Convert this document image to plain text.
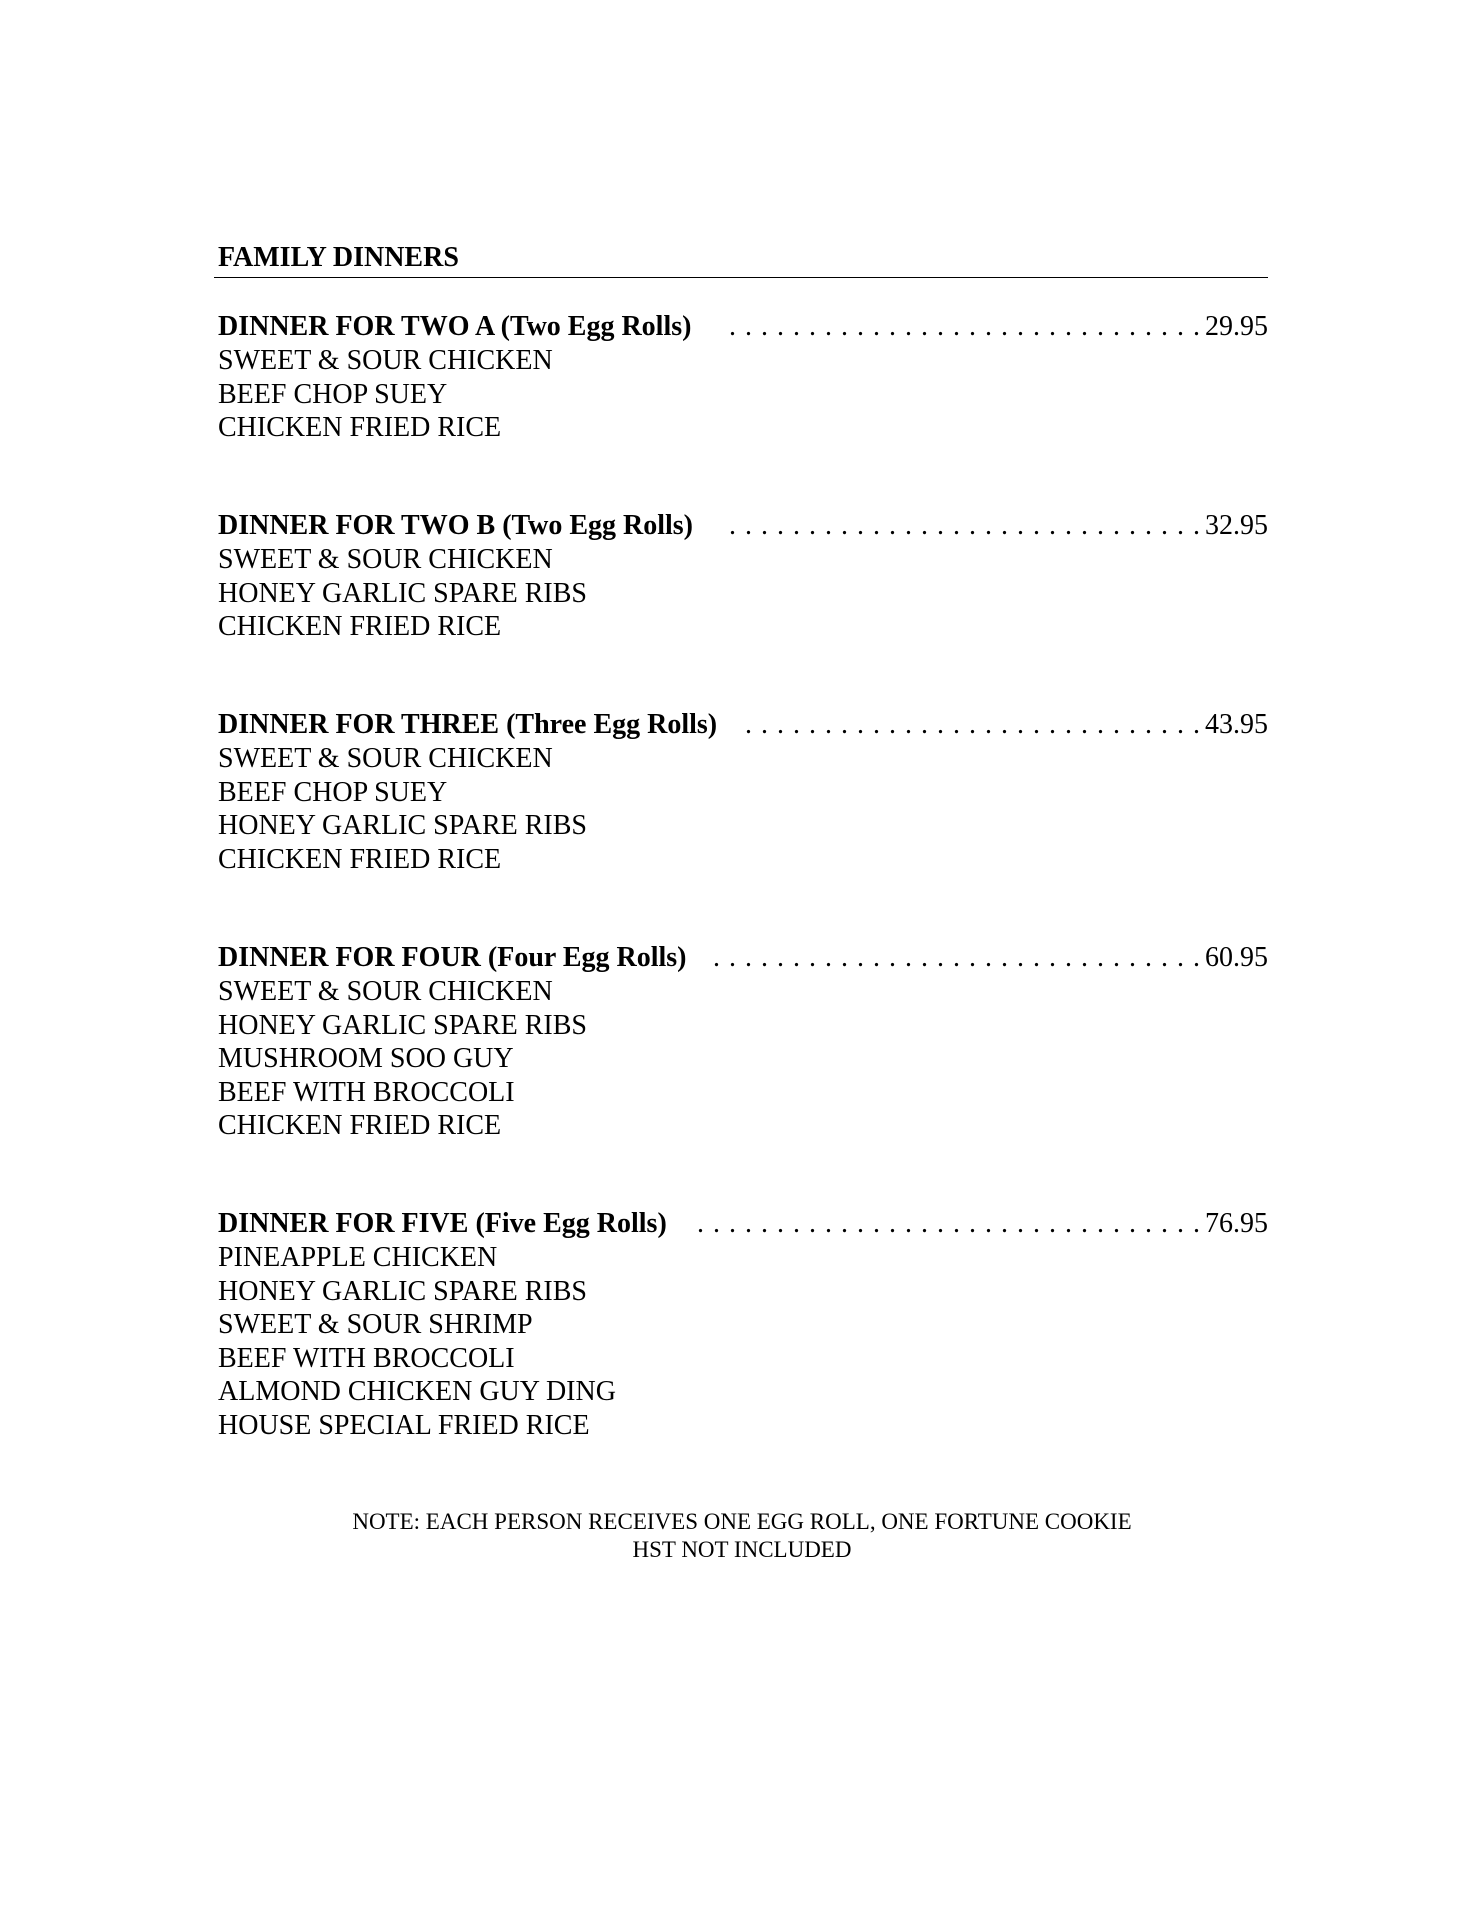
FAMILY DINNERS
. . . . . . . . . . . . . . . . . . . . . . . . . . . . . . 29.95
DINNER FOR TWO A (Two Egg Rolls)
SWEET & SOUR CHICKEN
BEEF CHOP SUEY
CHICKEN FRIED RICE
. . . . . . . . . . . . . . . . . . . . . . . . . . . . . . 32.95
DINNER FOR TWO B (Two Egg Rolls)
SWEET & SOUR CHICKEN
HONEY GARLIC SPARE RIBS
CHICKEN FRIED RICE
. . . . . . . . . . . . . . . . . . . . . . . . . . . . . 43.95
DINNER FOR THREE (Three Egg Rolls)
SWEET & SOUR CHICKEN
BEEF CHOP SUEY
HONEY GARLIC SPARE RIBS
CHICKEN FRIED RICE
. . . . . . . . . . . . . . . . . . . . . . . . . . . . . . . 60.95
DINNER FOR FOUR (Four Egg Rolls)
SWEET & SOUR CHICKEN
HONEY GARLIC SPARE RIBS
MUSHROOM SOO GUY
BEEF WITH BROCCOLI
CHICKEN FRIED RICE
. . . . . . . . . . . . . . . . . . . . . . . . . . . . . . . . 76.95
DINNER FOR FIVE (Five Egg Rolls)
PINEAPPLE CHICKEN
HONEY GARLIC SPARE RIBS
SWEET & SOUR SHRIMP
BEEF WITH BROCCOLI
ALMOND CHICKEN GUY DING
HOUSE SPECIAL FRIED RICE
NOTE: EACH PERSON RECEIVES ONE EGG ROLL, ONE FORTUNE COOKIE
HST NOT INCLUDED
